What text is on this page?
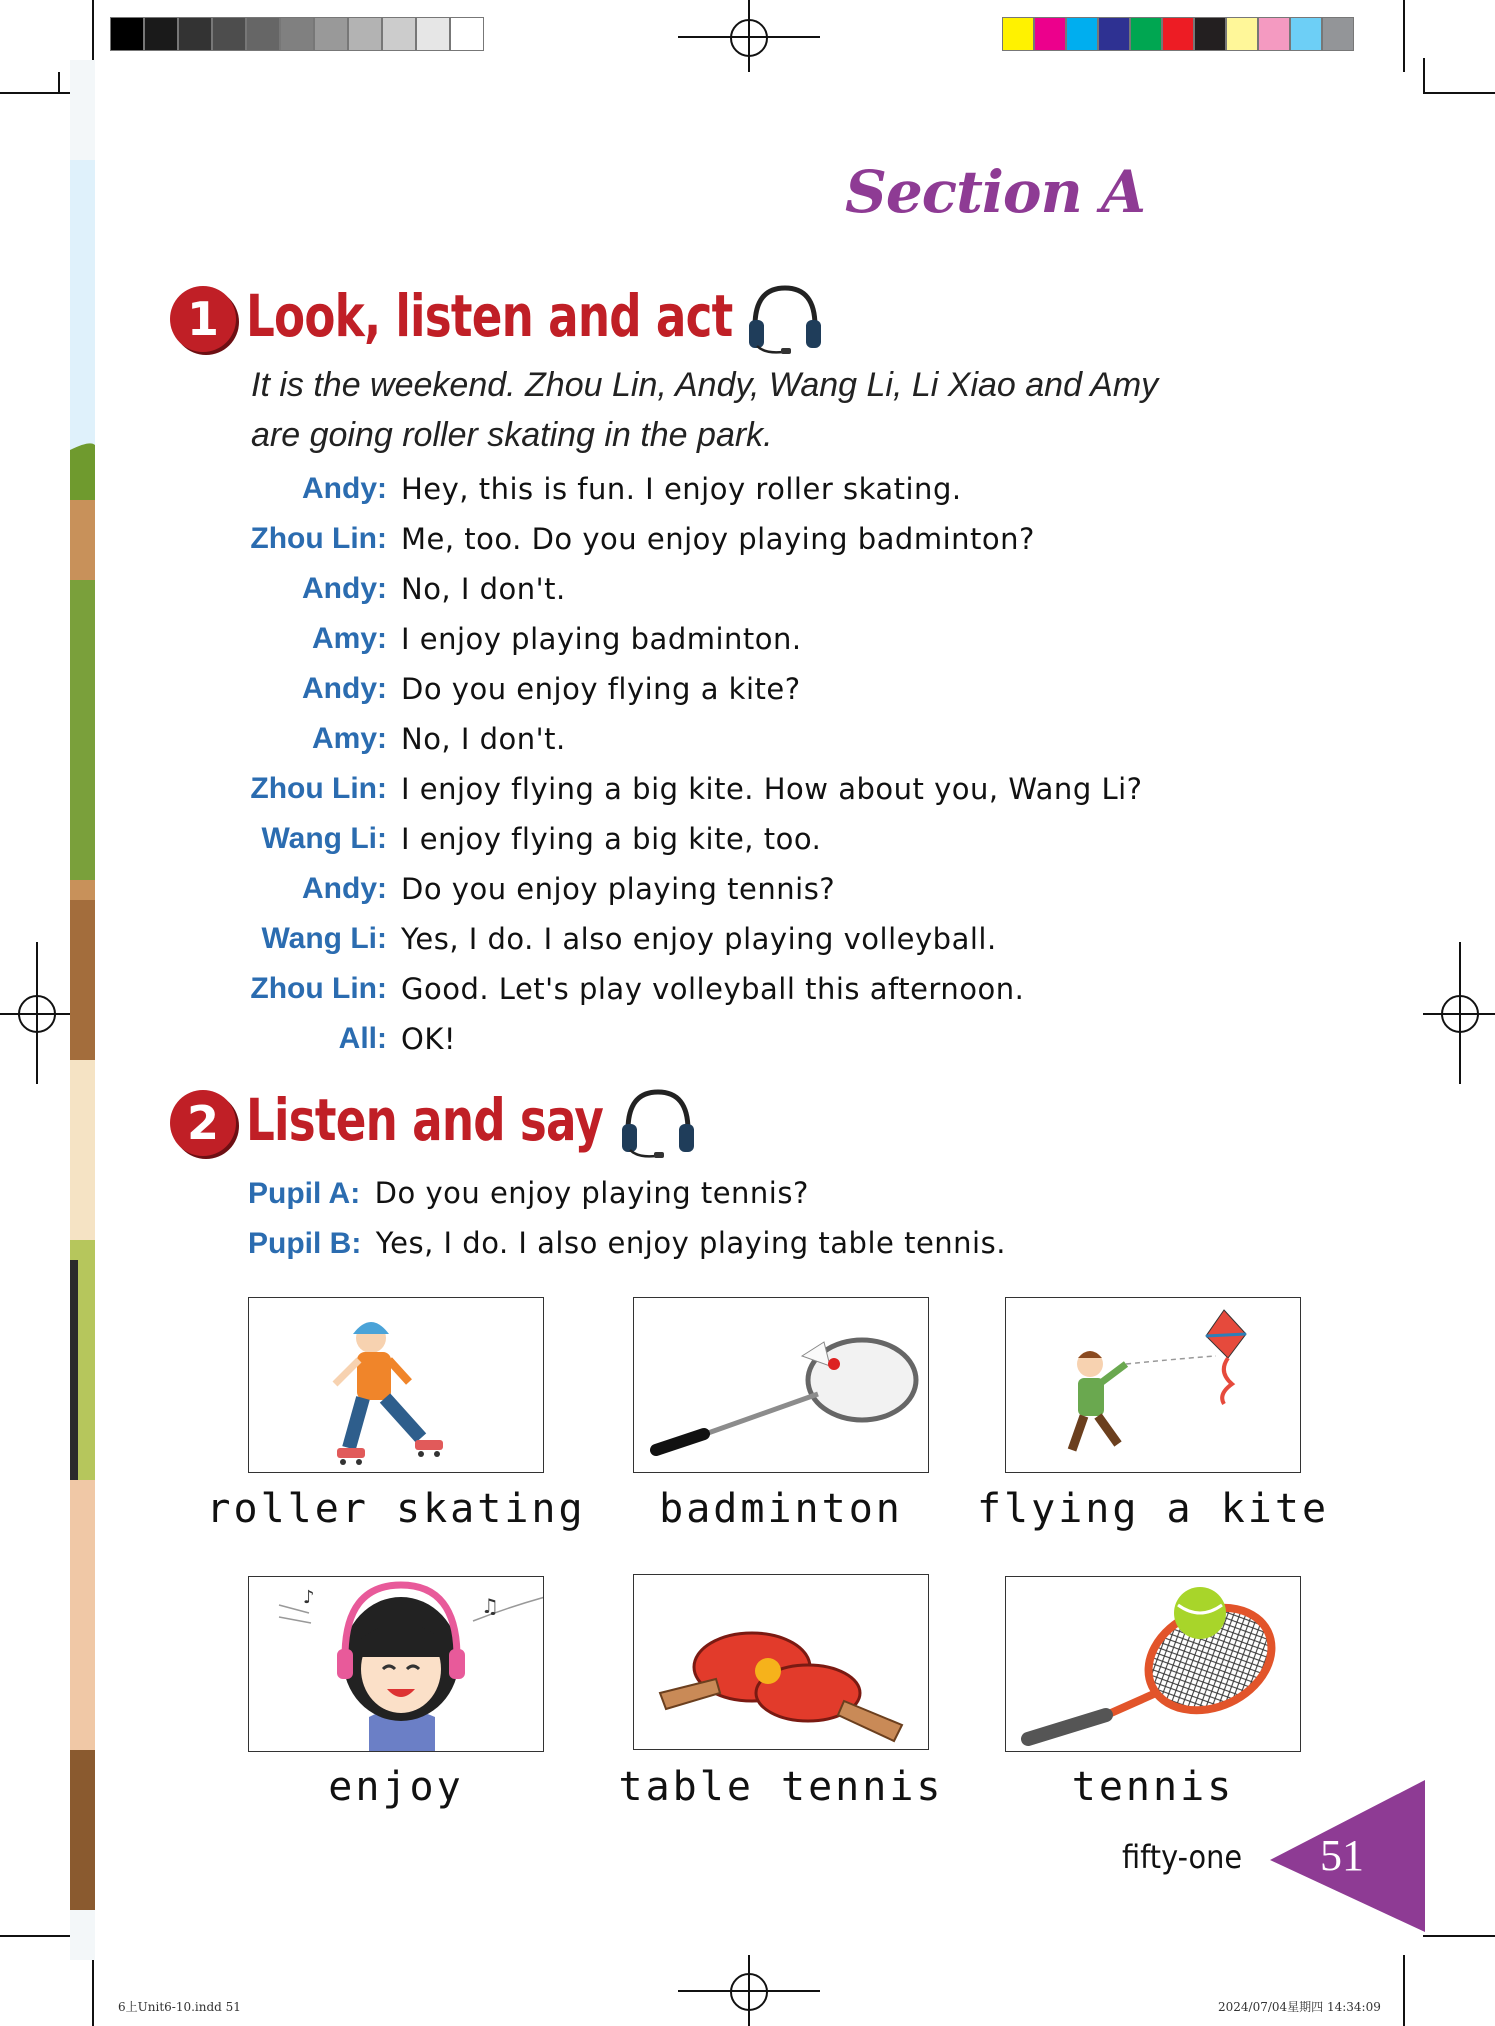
Section A
1 Look, listen and act
It is the weekend. Zhou Lin, Andy, Wang Li, Li Xiao and Amy
are going roller skating in the park.
Andy: Hey, this is fun. I enjoy roller skating.
Zhou Lin: Me, too. Do you enjoy playing badminton?
Andy: No, I don't.
Amy: I enjoy playing badminton.
Andy: Do you enjoy flying a kite?
Amy: No, I don't.
Zhou Lin: I enjoy flying a big kite. How about you, Wang Li?
Wang Li: I enjoy flying a big kite, too.
Andy: Do you enjoy playing tennis?
Wang Li: Yes, I do. I also enjoy playing volleyball.
Zhou Lin: Good. Let's play volleyball this afternoon.
All: OK!
2 Listen and say
Pupil A: Do you enjoy playing tennis?
Pupil B: Yes, I do. I also enjoy playing table tennis.
♫
♪
roller skating	badminton	flying a kite
enjoy	table tennis	tennis
51
fifty-one
6上Unit6-10.indd 51	2024/07/04星期四 14:34:09
